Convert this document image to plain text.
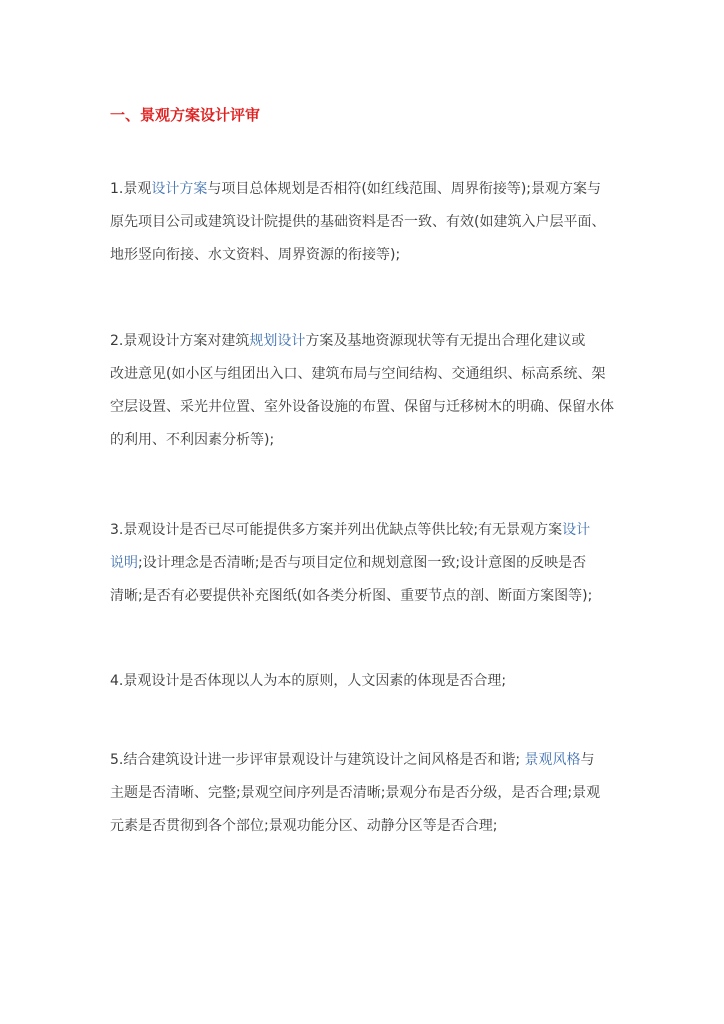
一、景观方案设计评审
1.景观设计方案与项目总体规划是否相符(如红线范围、周界衔接等);景观方案与
原先项目公司或建筑设计院提供的基础资料是否一致、有效(如建筑入户层平面、
地形竖向衔接、水文资料、周界资源的衔接等);
2.景观设计方案对建筑规划设计方案及基地资源现状等有无提出合理化建议或
改进意见(如小区与组团出入口、建筑布局与空间结构、交通组织、标高系统、架
空层设置、采光井位置、室外设备设施的布置、保留与迁移树木的明确、保留水体
的利用、不利因素分析等);
3.景观设计是否已尽可能提供多方案并列出优缺点等供比较;有无景观方案设计
说明;设计理念是否清晰;是否与项目定位和规划意图一致;设计意图的反映是否
清晰;是否有必要提供补充图纸(如各类分析图、重要节点的剖、断面方案图等);
4.景观设计是否体现以人为本的原则，人文因素的体现是否合理;
5.结合建筑设计进一步评审景观设计与建筑设计之间风格是否和谐; 景观风格与
主题是否清晰、完整;景观空间序列是否清晰;景观分布是否分级，是否合理;景观
元素是否贯彻到各个部位;景观功能分区、动静分区等是否合理;
